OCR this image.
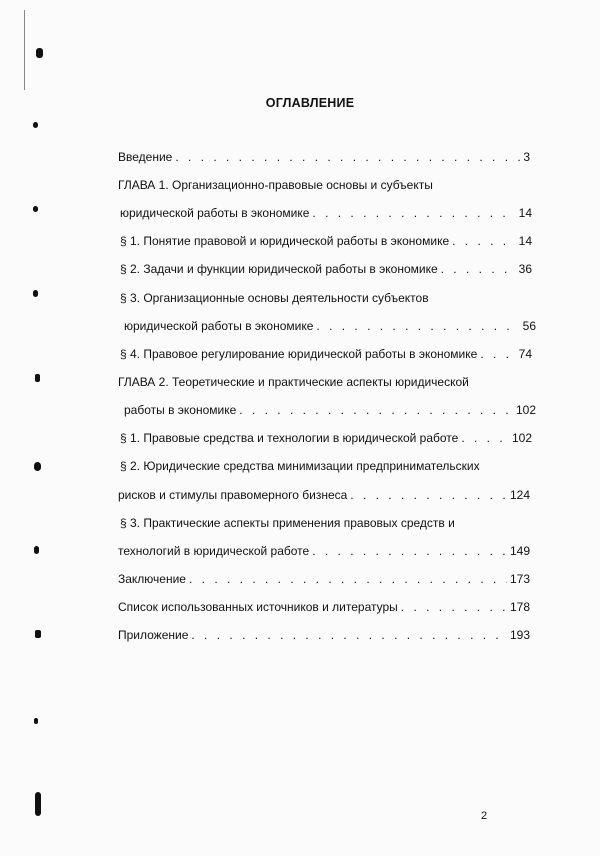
ОГЛАВЛЕНИЕ
Введение . . .	3
ГЛАВА 1. Организационно-правовые основы и субъекты
юридической работы в экономике . . .	14
§ 1. Понятие правовой и юридической работы в экономике . . .	14
§ 2. Задачи и функции юридической работы в экономике . . .	36
§ 3. Организационные основы деятельности субъектов
юридической работы в экономике . . .	56
§ 4. Правовое регулирование юридической работы в экономике . . .	74
ГЛАВА 2. Теоретические и практические аспекты юридической
работы в экономике . . .	102
§ 1. Правовые средства и технологии в юридической работе . . .	102
§ 2. Юридические средства минимизации предпринимательских
рисков и стимулы правомерного бизнеса . . .	124
§ 3. Практические аспекты применения правовых средств и
технологий в юридической работе . . .	149
Заключение . . .	173
Список использованных источников и литературы . . .	178
Приложение . . .	193
2
